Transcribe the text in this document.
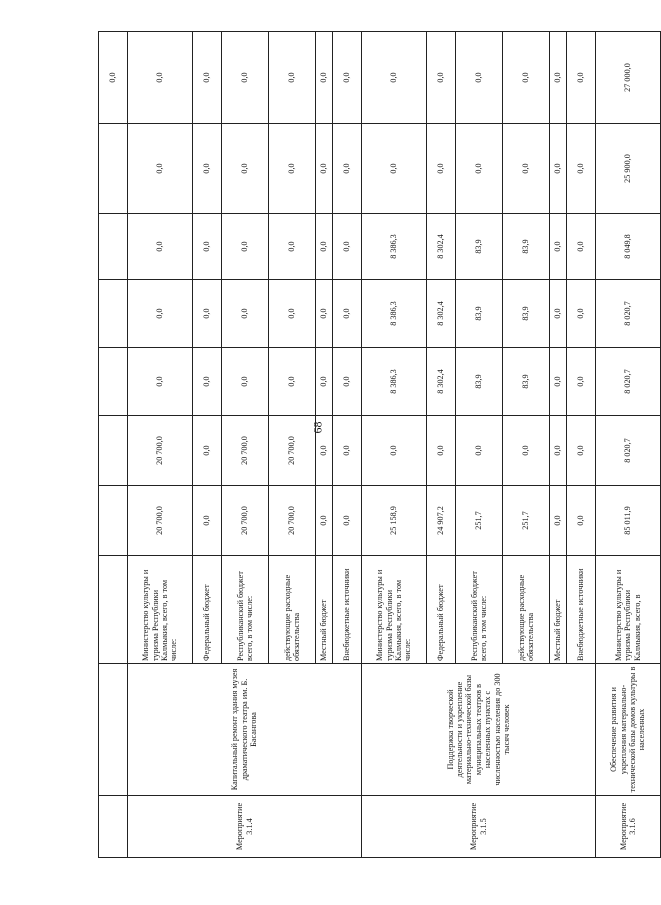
68
									0,0
Мероприятие 3.1.4	Капитальный ремонт здания музея драматического театра им. Б. Басангова	Министерство культуры и туризма Республики Калмыкия, всего, в том числе:	20 700,0	20 700,0	0,0	0,0	0,0	0,0	0,0
		Федеральный бюджет	0,0	0,0	0,0	0,0	0,0	0,0	0,0
		Республиканский бюджет всего, в том числе:	20 700,0	20 700,0	0,0	0,0	0,0	0,0	0,0
		действующие расходные обязательства	20 700,0	20 700,0	0,0	0,0	0,0	0,0	0,0
		Местный бюджет	0,0	0,0	0,0	0,0	0,0	0,0	0,0
		Внебюджетные источники	0,0	0,0	0,0	0,0	0,0	0,0	0,0
Мероприятие 3.1.5	Поддержка творческой деятельности и укрепление материально-технической базы муниципальных театров в населенных пунктах с численностью населения до 300 тысяч человек	Министерство культуры и туризма Республики Калмыкия, всего, в том числе:	25 158,9	0,0	8 386,3	8 386,3	8 386,3	0,0	0,0
		Федеральный бюджет	24 907,2	0,0	8 302,4	8 302,4	8 302,4	0,0	0,0
		Республиканский бюджет всего, в том числе:	251,7	0,0	83,9	83,9	83,9	0,0	0,0
		действующие расходные обязательства	251,7	0,0	83,9	83,9	83,9	0,0	0,0
		Местный бюджет	0,0	0,0	0,0	0,0	0,0	0,0	0,0
		Внебюджетные источники	0,0	0,0	0,0	0,0	0,0	0,0	0,0
Мероприятие 3.1.6	Обеспечение развития и укрепления материально-технической базы домов культуры в населенных	Министерство культуры и туризма Республики Калмыкия, всего, в	85 011,9	8 020,7	8 020,7	8 020,7	8 049,8	25 900,0	27 000,0
